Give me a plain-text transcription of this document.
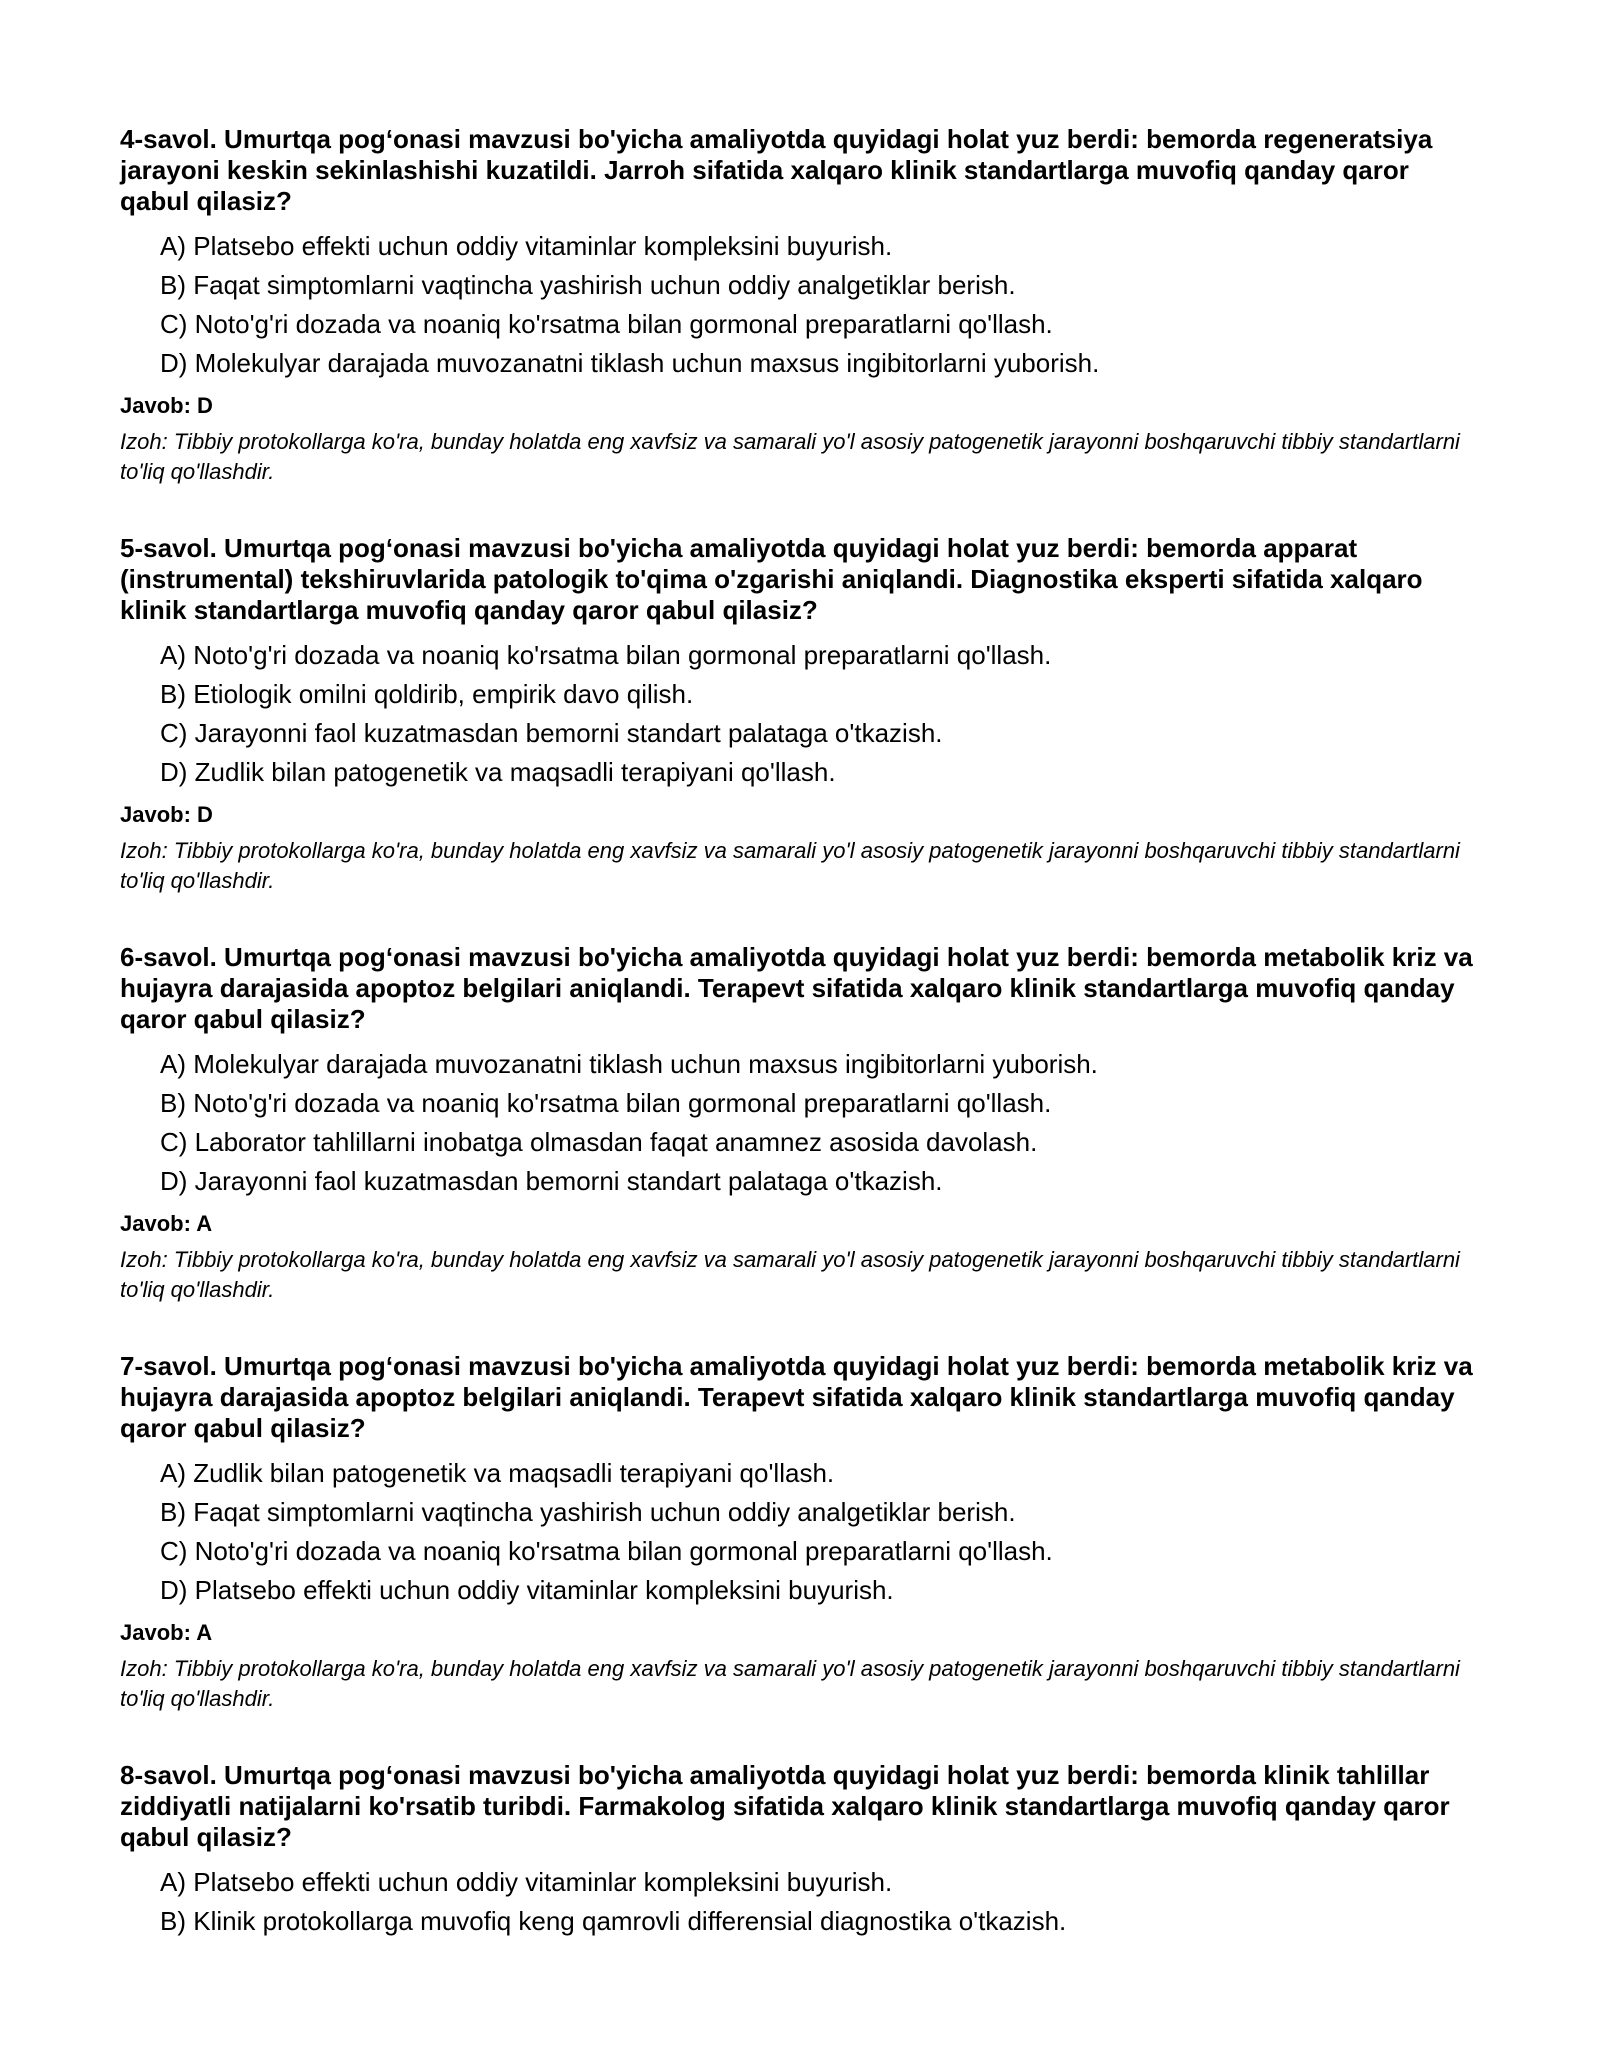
4-savol. Umurtqa pog‘onasi mavzusi bo'yicha amaliyotda quyidagi holat yuz berdi: bemorda regeneratsiya jarayoni keskin sekinlashishi kuzatildi. Jarroh sifatida xalqaro klinik standartlarga muvofiq qanday qaror qabul qilasiz?

A) Platsebo effekti uchun oddiy vitaminlar kompleksini buyurish.
B) Faqat simptomlarni vaqtincha yashirish uchun oddiy analgetiklar berish.
C) Noto'g'ri dozada va noaniq ko'rsatma bilan gormonal preparatlarni qo'llash.
D) Molekulyar darajada muvozanatni tiklash uchun maxsus ingibitorlarni yuborish.

Javob: D

Izoh: Tibbiy protokollarga ko'ra, bunday holatda eng xavfsiz va samarali yo'l asosiy patogenetik jarayonni boshqaruvchi tibbiy standartlarni to'liq qo'llashdir.

5-savol. Umurtqa pog‘onasi mavzusi bo'yicha amaliyotda quyidagi holat yuz berdi: bemorda apparat (instrumental) tekshiruvlarida patologik to'qima o'zgarishi aniqlandi. Diagnostika eksperti sifatida xalqaro klinik standartlarga muvofiq qanday qaror qabul qilasiz?

A) Noto'g'ri dozada va noaniq ko'rsatma bilan gormonal preparatlarni qo'llash.
B) Etiologik omilni qoldirib, empirik davo qilish.
C) Jarayonni faol kuzatmasdan bemorni standart palataga o'tkazish.
D) Zudlik bilan patogenetik va maqsadli terapiyani qo'llash.

Javob: D

Izoh: Tibbiy protokollarga ko'ra, bunday holatda eng xavfsiz va samarali yo'l asosiy patogenetik jarayonni boshqaruvchi tibbiy standartlarni to'liq qo'llashdir.

6-savol. Umurtqa pog‘onasi mavzusi bo'yicha amaliyotda quyidagi holat yuz berdi: bemorda metabolik kriz va hujayra darajasida apoptoz belgilari aniqlandi. Terapevt sifatida xalqaro klinik standartlarga muvofiq qanday qaror qabul qilasiz?

A) Molekulyar darajada muvozanatni tiklash uchun maxsus ingibitorlarni yuborish.
B) Noto'g'ri dozada va noaniq ko'rsatma bilan gormonal preparatlarni qo'llash.
C) Laborator tahlillarni inobatga olmasdan faqat anamnez asosida davolash.
D) Jarayonni faol kuzatmasdan bemorni standart palataga o'tkazish.

Javob: A

Izoh: Tibbiy protokollarga ko'ra, bunday holatda eng xavfsiz va samarali yo'l asosiy patogenetik jarayonni boshqaruvchi tibbiy standartlarni to'liq qo'llashdir.

7-savol. Umurtqa pog‘onasi mavzusi bo'yicha amaliyotda quyidagi holat yuz berdi: bemorda metabolik kriz va hujayra darajasida apoptoz belgilari aniqlandi. Terapevt sifatida xalqaro klinik standartlarga muvofiq qanday qaror qabul qilasiz?

A) Zudlik bilan patogenetik va maqsadli terapiyani qo'llash.
B) Faqat simptomlarni vaqtincha yashirish uchun oddiy analgetiklar berish.
C) Noto'g'ri dozada va noaniq ko'rsatma bilan gormonal preparatlarni qo'llash.
D) Platsebo effekti uchun oddiy vitaminlar kompleksini buyurish.

Javob: A

Izoh: Tibbiy protokollarga ko'ra, bunday holatda eng xavfsiz va samarali yo'l asosiy patogenetik jarayonni boshqaruvchi tibbiy standartlarni to'liq qo'llashdir.

8-savol. Umurtqa pog‘onasi mavzusi bo'yicha amaliyotda quyidagi holat yuz berdi: bemorda klinik tahlillar ziddiyatli natijalarni ko'rsatib turibdi. Farmakolog sifatida xalqaro klinik standartlarga muvofiq qanday qaror qabul qilasiz?

A) Platsebo effekti uchun oddiy vitaminlar kompleksini buyurish.
B) Klinik protokollarga muvofiq keng qamrovli differensial diagnostika o'tkazish.
